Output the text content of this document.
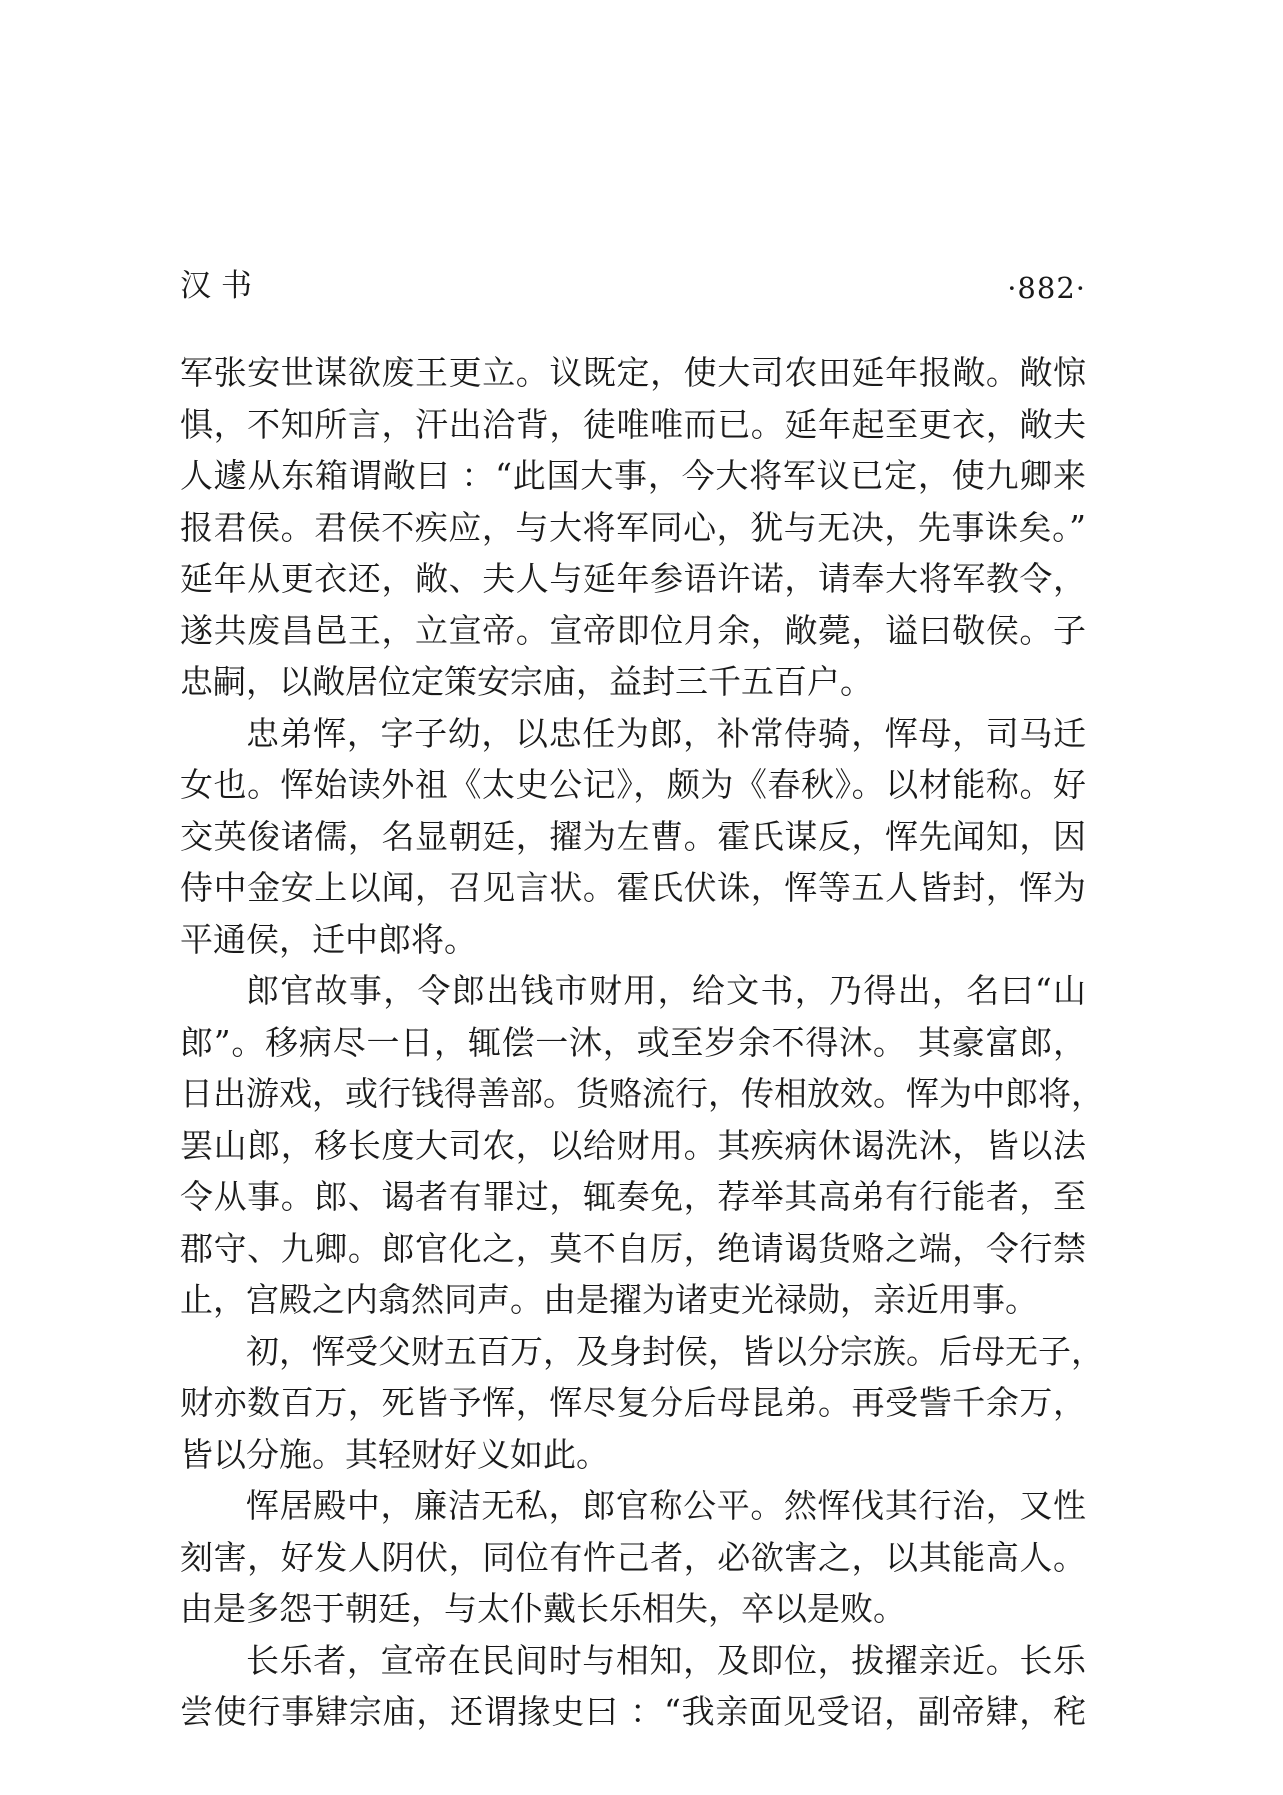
汉书	·882·
军张安世谋欲废王更立。议既定，使大司农田延年报敞。敞惊
惧，不知所言，汗出洽背，徒唯唯而已。延年起至更衣，敞夫
人遽从东箱谓敞曰 ：“此国大事，今大将军议已定，使九卿来
报君侯。君侯不疾应，与大将军同心，犹与无决，先事诛矣。”
延年从更衣还，敞、夫人与延年参语许诺，请奉大将军教令，
遂共废昌邑王，立宣帝。宣帝即位月余，敞薨，谥曰敬侯。子
忠嗣，以敞居位定策安宗庙，益封三千五百户。
忠弟恽，字子幼，以忠任为郎，补常侍骑，恽母，司马迁
女也。恽始读外祖《太史公记》，颇为《春秋》。以材能称。好
交英俊诸儒，名显朝廷，擢为左曹。霍氏谋反，恽先闻知，因
侍中金安上以闻，召见言状。霍氏伏诛，恽等五人皆封，恽为
平通侯，迁中郎将。
郎官故事，令郎出钱市财用，给文书，乃得出，名曰“山
郎”。移病尽一日，辄偿一沐，或至岁余不得沐。 其豪富郎，
日出游戏，或行钱得善部。货赂流行，传相放效。恽为中郎将，
罢山郎，移长度大司农，以给财用。其疾病休谒洗沐，皆以法
令从事。郎、谒者有罪过，辄奏免，荐举其高弟有行能者，至
郡守、九卿。郎官化之，莫不自厉，绝请谒货赂之端，令行禁
止，宫殿之内翕然同声。由是擢为诸吏光禄勋，亲近用事。
初，恽受父财五百万，及身封侯，皆以分宗族。后母无子，
财亦数百万，死皆予恽，恽尽复分后母昆弟。再受訾千余万，
皆以分施。其轻财好义如此。
恽居殿中，廉洁无私，郎官称公平。然恽伐其行治，又性
刻害，好发人阴伏，同位有忤己者，必欲害之，以其能高人。
由是多怨于朝廷，与太仆戴长乐相失，卒以是败。
长乐者，宣帝在民间时与相知，及即位，拔擢亲近。长乐
尝使行事肄宗庙，还谓掾史曰 ：“我亲面见受诏，副帝肄，秺
